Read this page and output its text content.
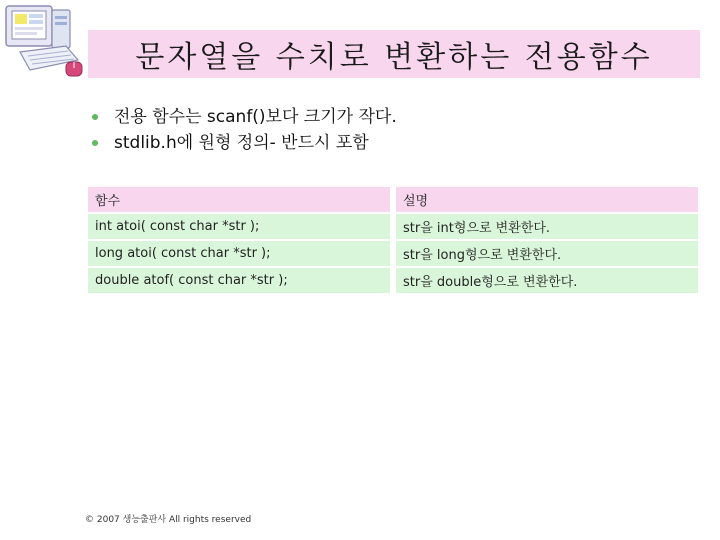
문자열을 수치로 변환하는 전용함수
전용 함수는 scanf()보다 크기가 작다.
stdlib.h에 원형 정의- 반드시 포함
함수		설명
int atoi( const char *str );		str을 int형으로 변환한다.
long atoi( const char *str );		str을 long형으로 변환한다.
double atof( const char *str );		str을 double형으로 변환한다.
© 2007 생능출판사 All rights reserved
